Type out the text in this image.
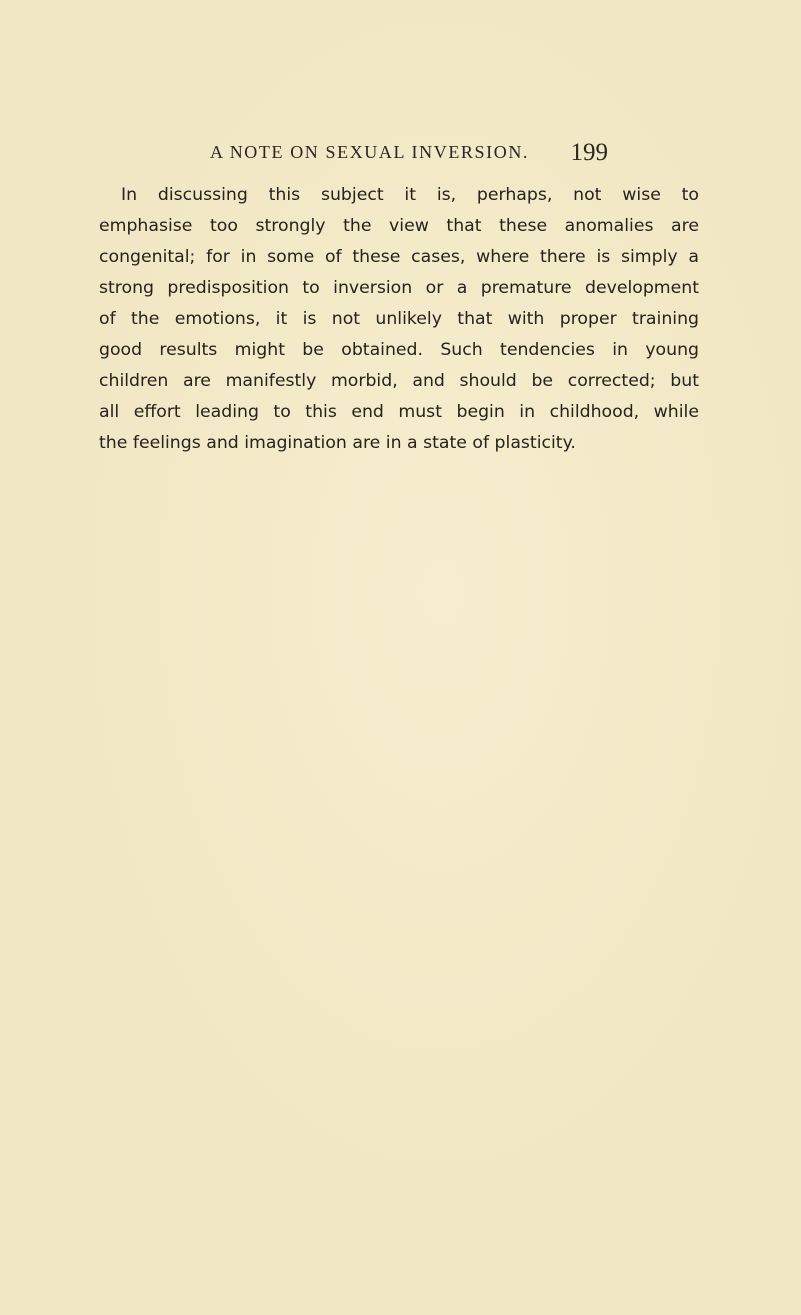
A NOTE ON SEXUAL INVERSION. 199
In discussing this subject it is, perhaps, not wise to
emphasise too strongly the view that these anomalies are
congenital; for in some of these cases, where there is simply a
strong predisposition to inversion or a premature development
of the emotions, it is not unlikely that with proper training
good results might be obtained. Such tendencies in young
children are manifestly morbid, and should be corrected; but
all effort leading to this end must begin in childhood, while
the feelings and imagination are in a state of plasticity.
